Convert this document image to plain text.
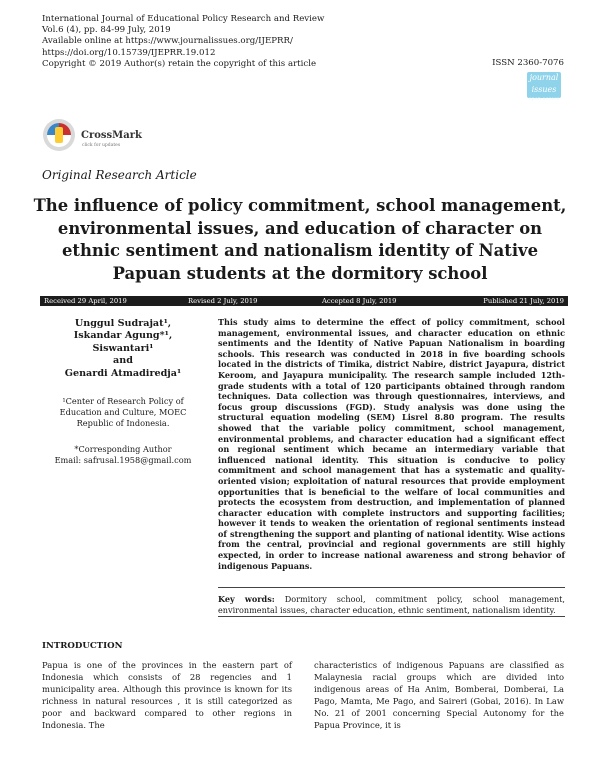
International Journal of Educational Policy Research and Review
Vol.6 (4), pp. 84-99 July, 2019
Available online at https://www.journalissues.org/IJEPRR/
https://doi.org/10.15739/IJEPRR.19.012
Copyright © 2019 Author(s) retain the copyright of this article	ISSN 2360-7076
journal issues
open access
CrossMark
click for updates
Original Research Article
The influence of policy commitment, school management,
environmental issues, and education of character on
ethnic sentiment and nationalism identity of Native
Papuan students at the dormitory school
Received 29 April, 2019	Revised 2 July, 2019	Accepted 8 July, 2019	Published 21 July, 2019
Unggul Sudrajat¹,
Iskandar Agung*¹,
Siswantari¹
and
Genardi Atmadiredja¹
¹Center of Research Policy of
Education and Culture, MOEC
Republic of Indonesia.
*Corresponding Author
Email: safrusal.1958@gmail.com
This study aims to determine the effect of policy commitment, school management, environmental issues, and character education on ethnic sentiments and the Identity of Native Papuan Nationalism in boarding schools. This research was conducted in 2018 in five boarding schools located in the districts of Timika, district Nabire, district Jayapura, district Keroom, and Jayapura municipality. The research sample included 12th-grade students with a total of 120 participants obtained through random techniques. Data collection was through questionnaires, interviews, and focus group discussions (FGD). Study analysis was done using the structural equation modeling (SEM) Lisrel 8.80 program. The results showed that the variable policy commitment, school management, environmental problems, and character education had a significant effect on regional sentiment which became an intermediary variable that influenced national identity. This situation is conducive to policy commitment and school management that has a systematic and quality-oriented vision; exploitation of natural resources that provide employment opportunities that is beneficial to the welfare of local communities and protects the ecosystem from destruction, and implementation of planned character education with complete instructors and supporting facilities; however it tends to weaken the orientation of regional sentiments instead of strengthening the support and planting of national identity. Wise actions from the central, provincial and regional governments are still highly expected, in order to increase national awareness and strong behavior of indigenous Papuans.
Key words: Dormitory school, commitment policy, school management, environmental issues, character education, ethnic sentiment, nationalism identity.
INTRODUCTION
Papua is one of the provinces in the eastern part of Indonesia which consists of 28 regencies and 1 municipality area. Although this province is known for its richness in natural resources , it is still categorized as poor and backward compared to other regions in Indonesia. The
characteristics of indigenous Papuans are classified as Malaynesia racial groups which are divided into indigenous areas of Ha Anim, Bomberai, Domberai, La Pago, Mamta, Me Pago, and Saireri (Gobai, 2016). In Law No. 21 of 2001 concerning Special Autonomy for the Papua Province, it is
